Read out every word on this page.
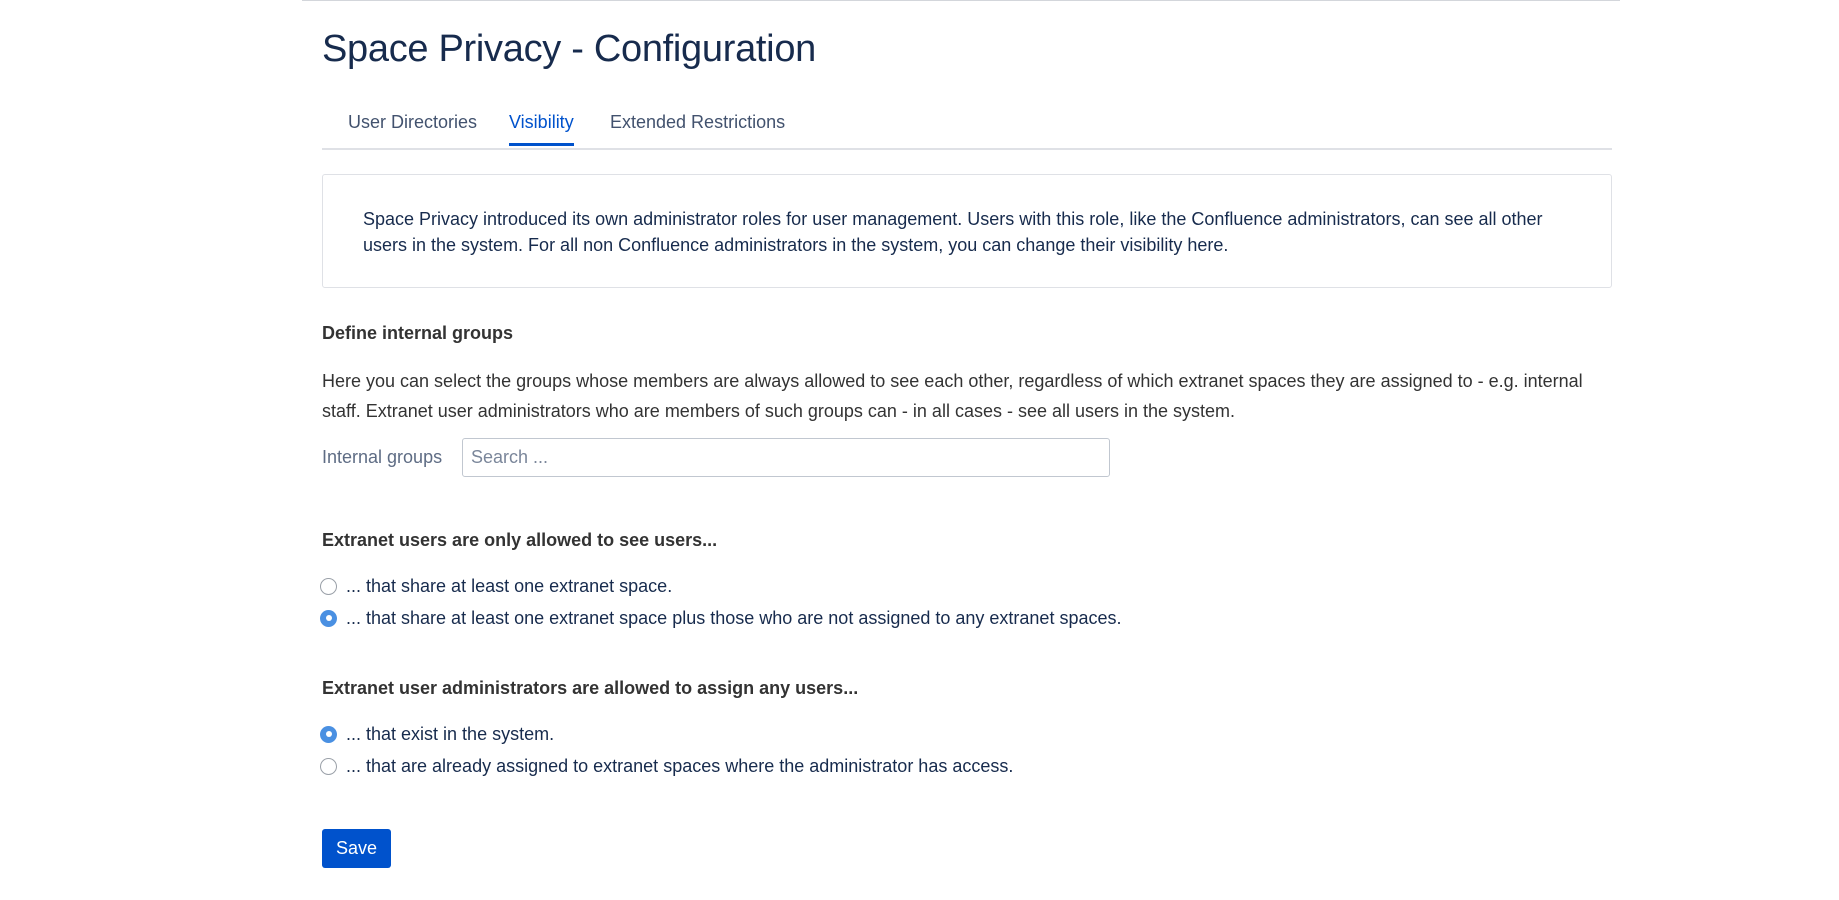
Space Privacy - Configuration
User Directories Visibility Extended Restrictions
Space Privacy introduced its own administrator roles for user management. Users with this role, like the Confluence administrators, can see all other users in the system. For all non Confluence administrators in the system, you can change their visibility here.
Define internal groups
Here you can select the groups whose members are always allowed to see each other, regardless of which extranet spaces they are assigned to - e.g. internal staff. Extranet user administrators who are members of such groups can - in all cases - see all users in the system.
Internal groups
Search ...
Extranet users are only allowed to see users...
... that share at least one extranet space.
... that share at least one extranet space plus those who are not assigned to any extranet spaces.
Extranet user administrators are allowed to assign any users...
... that exist in the system.
... that are already assigned to extranet spaces where the administrator has access.
Save
